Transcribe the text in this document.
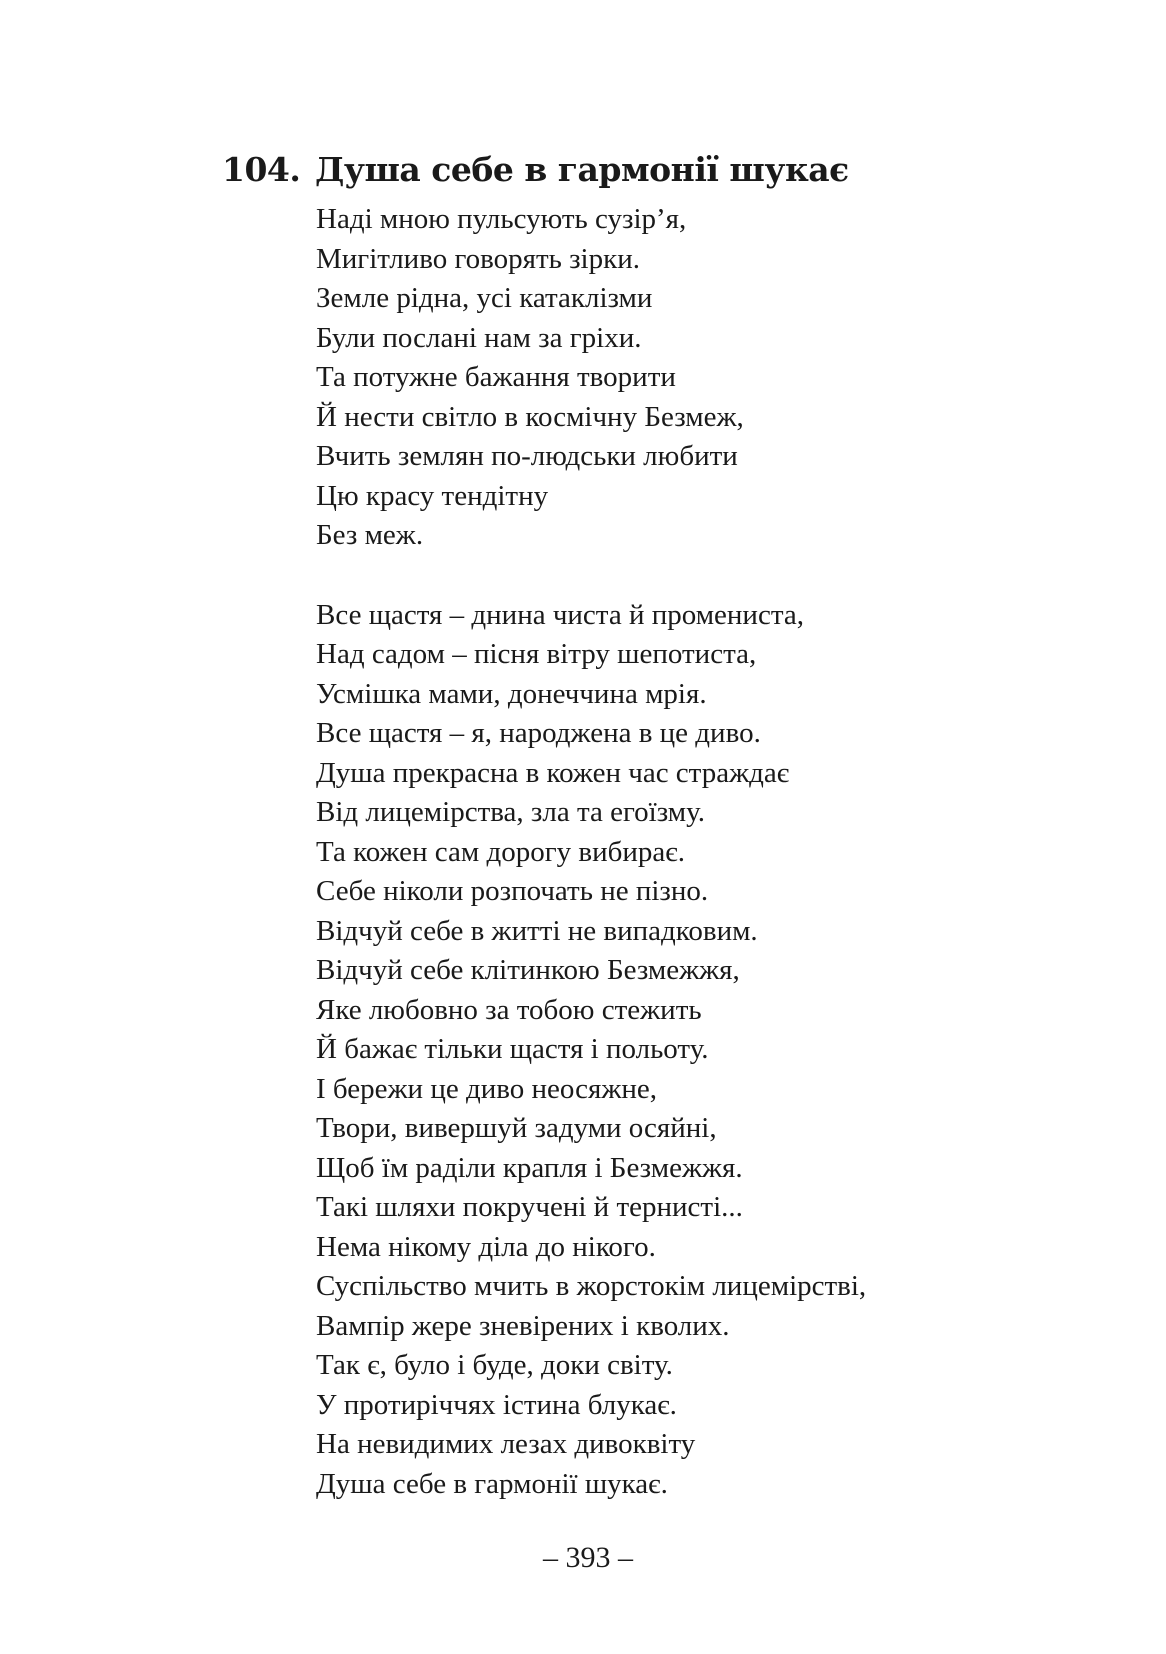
104. Душа себе в гармонії шукає
Наді мною пульсують сузір’я,
Мигітливо говорять зірки.
Земле рідна, усі катаклізми
Були послані нам за гріхи.
Та потужне бажання творити
Й нести світло в космічну Безмеж,
Вчить землян по-людськи любити
Цю красу тендітну
Без меж.
Все щастя – днина чиста й промениста,
Над садом – пісня вітру шепотиста,
Усмішка мами, донеччина мрія.
Все щастя – я, народжена в це диво.
Душа прекрасна в кожен час страждає
Від лицемірства, зла та егоїзму.
Та кожен сам дорогу вибирає.
Себе ніколи розпочать не пізно.
Відчуй себе в житті не випадковим.
Відчуй себе клітинкою Безмежжя,
Яке любовно за тобою стежить
Й бажає тільки щастя і польоту.
І бережи це диво неосяжне,
Твори, вивершуй задуми осяйні,
Щоб їм раділи крапля і Безмежжя.
Такі шляхи покручені й тернисті...
Нема нікому діла до нікого.
Суспільство мчить в жорстокім лицемірстві,
Вампір жере зневірених і кволих.
Так є, було і буде, доки світу.
У протиріччях істина блукає.
На невидимих лезах дивоквіту
Душа себе в гармонії шукає.
– 393 –
